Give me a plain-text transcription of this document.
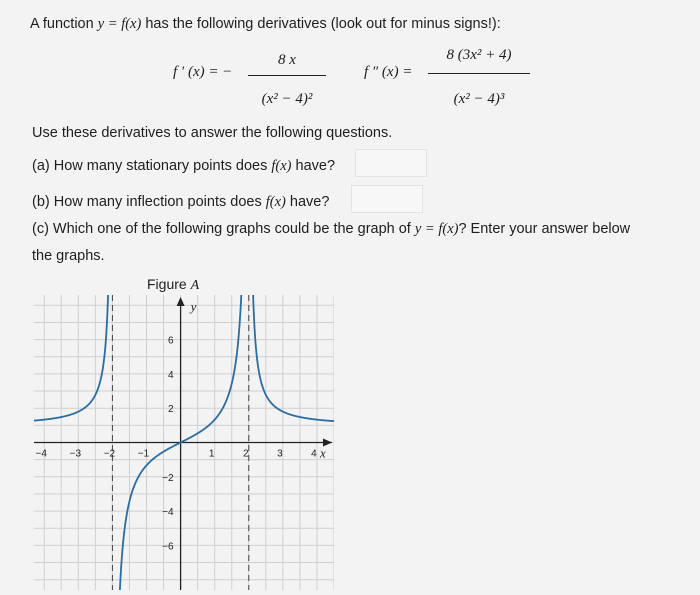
A function y = f(x) has the following derivatives (look out for minus signs!):
f ′ (x) = −
8 x
(x² − 4)²
f ″ (x) =
8 (3x² + 4)
(x² − 4)³
Use these derivatives to answer the following questions.
(a) How many stationary points does f(x) have?
(b) How many inflection points does f(x) have?
(c) Which one of the following graphs could be the graph of y = f(x)? Enter your answer below
the graphs.
Figure A
−4 −3 −2 −1	1	2	3	4
−6
−4
−2
2
4
6
x
y
